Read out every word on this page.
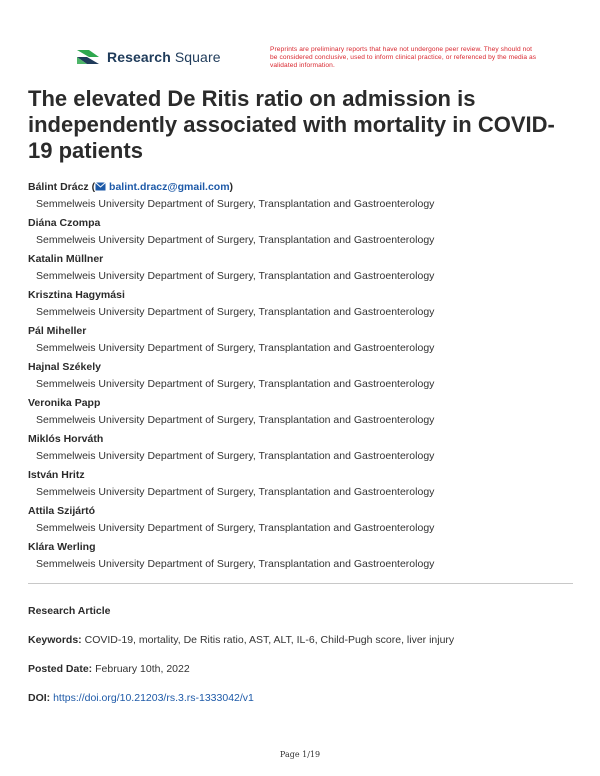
Research Square	Preprints are preliminary reports that have not undergone peer review. They should not be considered conclusive, used to inform clinical practice, or referenced by the media as validated information.
The elevated De Ritis ratio on admission is independently associated with mortality in COVID-19 patients
Bálint Drácz ( balint.dracz@gmail.com)
Semmelweis University Department of Surgery, Transplantation and Gastroenterology
Diána Czompa
Semmelweis University Department of Surgery, Transplantation and Gastroenterology
Katalin Müllner
Semmelweis University Department of Surgery, Transplantation and Gastroenterology
Krisztina Hagymási
Semmelweis University Department of Surgery, Transplantation and Gastroenterology
Pál Miheller
Semmelweis University Department of Surgery, Transplantation and Gastroenterology
Hajnal Székely
Semmelweis University Department of Surgery, Transplantation and Gastroenterology
Veronika Papp
Semmelweis University Department of Surgery, Transplantation and Gastroenterology
Miklós Horváth
Semmelweis University Department of Surgery, Transplantation and Gastroenterology
István Hritz
Semmelweis University Department of Surgery, Transplantation and Gastroenterology
Attila Szijártó
Semmelweis University Department of Surgery, Transplantation and Gastroenterology
Klára Werling
Semmelweis University Department of Surgery, Transplantation and Gastroenterology
Research Article
Keywords: COVID-19, mortality, De Ritis ratio, AST, ALT, IL-6, Child-Pugh score, liver injury
Posted Date: February 10th, 2022
DOI: https://doi.org/10.21203/rs.3.rs-1333042/v1
Page 1/19
